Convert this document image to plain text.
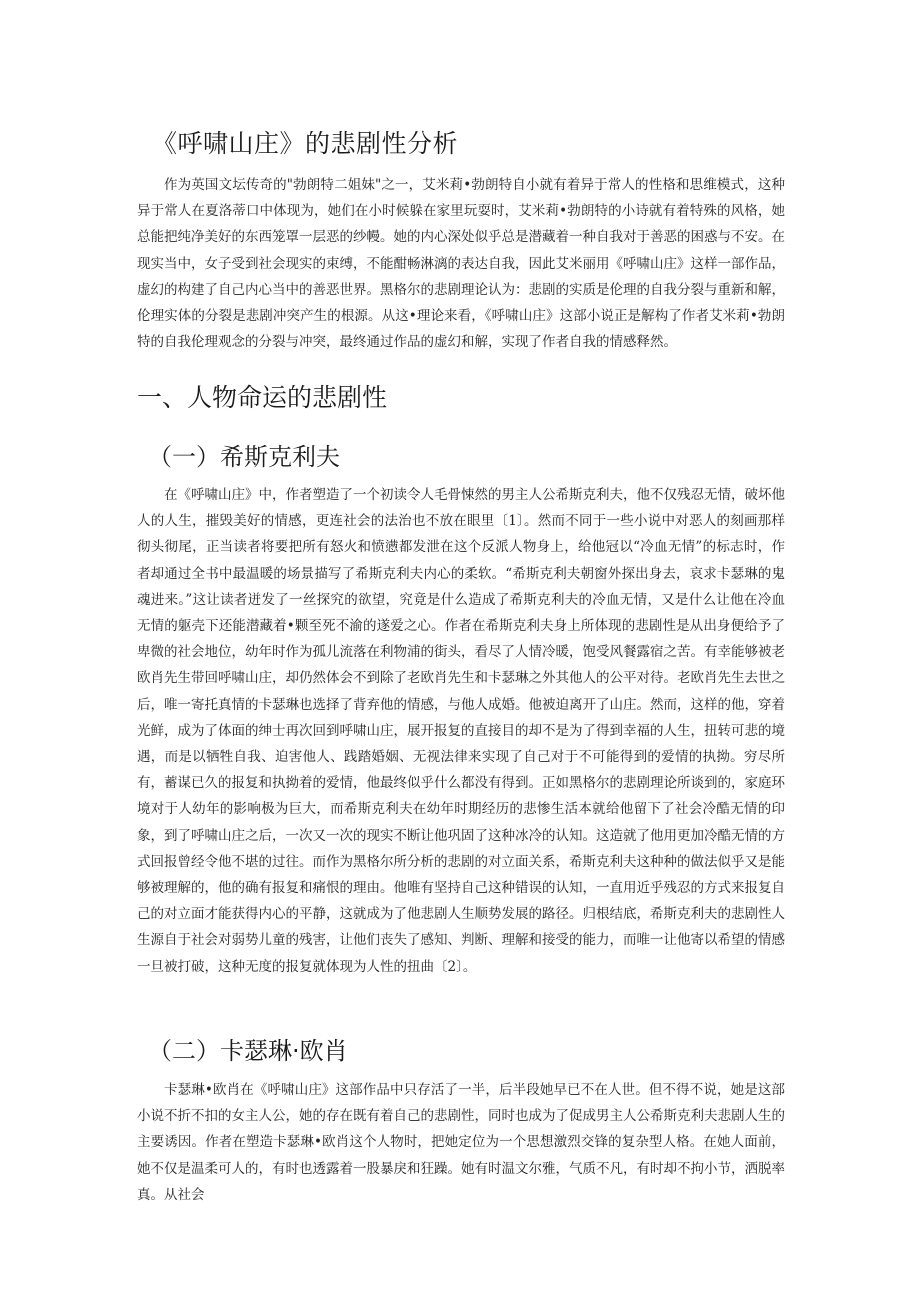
《呼啸山庄》的悲剧性分析

作为英国文坛传奇的"勃朗特二姐妹"之一，艾米莉•勃朗特自小就有着异于常人的性格和思维模式，这种异于常人在夏洛蒂口中体现为，她们在小时候躲在家里玩耍时，艾米莉•勃朗特的小诗就有着特殊的风格，她总能把纯净美好的东西笼罩一层恶的纱幔。她的内心深处似乎总是潜藏着一种自我对于善恶的困惑与不安。在现实当中，女子受到社会现实的束缚，不能酣畅淋漓的表达自我，因此艾米丽用《呼啸山庄》这样一部作品，虚幻的构建了自己内心当中的善恶世界。黑格尔的悲剧理论认为：悲剧的实质是伦理的自我分裂与重新和解，伦理实体的分裂是悲剧冲突产生的根源。从这•理论来看，《呼啸山庄》这部小说正是解构了作者艾米莉•勃朗特的自我伦理观念的分裂与冲突，最终通过作品的虚幻和解，实现了作者自我的情感释然。

一、人物命运的悲剧性
（一）希斯克利夫

在《呼啸山庄》中，作者塑造了一个初读令人毛骨悚然的男主人公希斯克利夫，他不仅残忍无情，破坏他人的人生，摧毁美好的情感，更连社会的法治也不放在眼里〔1〕。然而不同于一些小说中对恶人的刻画那样彻头彻尾，正当读者将要把所有怒火和愤懑都发泄在这个反派人物身上，给他冠以“冷血无情”的标志时，作者却通过全书中最温暖的场景描写了希斯克利夫内心的柔软。“希斯克利夫朝窗外探出身去，哀求卡瑟琳的鬼魂进来。”这让读者迸发了一丝探究的欲望，究竟是什么造成了希斯克利夫的冷血无情，又是什么让他在冷血无情的躯壳下还能潜藏着•颗至死不渝的遂爱之心。作者在希斯克利夫身上所体现的悲剧性是从出身便给予了卑微的社会地位，幼年时作为孤儿流落在利物浦的街头，看尽了人情冷暖，饱受风餐露宿之苦。有幸能够被老欧肖先生带回呼啸山庄，却仍然体会不到除了老欧肖先生和卡瑟琳之外其他人的公平对待。老欧肖先生去世之后，唯一寄托真情的卡瑟琳也选择了背弃他的情感，与他人成婚。他被迫离开了山庄。然而，这样的他，穿着光鲜，成为了体面的绅士再次回到呼啸山庄，展开报复的直接目的却不是为了得到幸福的人生，扭转可悲的境遇，而是以牺牲自我、迫害他人、践踏婚姻、无视法律来实现了自己对于不可能得到的爱情的执拗。穷尽所有，蓄谋已久的报复和执拗着的爱情，他最终似乎什么都没有得到。正如黑格尔的悲剧理论所谈到的，家庭环境对于人幼年的影响极为巨大，而希斯克利夫在幼年时期经历的悲惨生活本就给他留下了社会冷酷无情的印象，到了呼啸山庄之后，一次又一次的现实不断让他巩固了这种冰冷的认知。这造就了他用更加冷酷无情的方式回报曾经令他不堪的过往。而作为黑格尔所分析的悲剧的对立面关系，希斯克利夫这种种的做法似乎又是能够被理解的，他的确有报复和痛恨的理由。他唯有坚持自己这种错误的认知，一直用近乎残忍的方式来报复自己的对立面才能获得内心的平静，这就成为了他悲剧人生顺势发展的路径。归根结底，希斯克利夫的悲剧性人生源自于社会对弱势儿童的残害，让他们丧失了感知、判断、理解和接受的能力，而唯一让他寄以希望的情感一旦被打破，这种无度的报复就体现为人性的扭曲〔2〕。

（二）卡瑟琳·欧肖

卡瑟琳•欧肖在《呼啸山庄》这部作品中只存活了一半，后半段她早已不在人世。但不得不说，她是这部小说不折不扣的女主人公，她的存在既有着自己的悲剧性，同时也成为了促成男主人公希斯克利夫悲剧人生的主要诱因。作者在塑造卡瑟琳•欧肖这个人物时，把她定位为一个思想激烈交锋的复杂型人格。在她人面前，她不仅是温柔可人的，有时也透露着一股暴戾和狂躁。她有时温文尔雅，气质不凡，有时却不拘小节，洒脱率真。从社会
